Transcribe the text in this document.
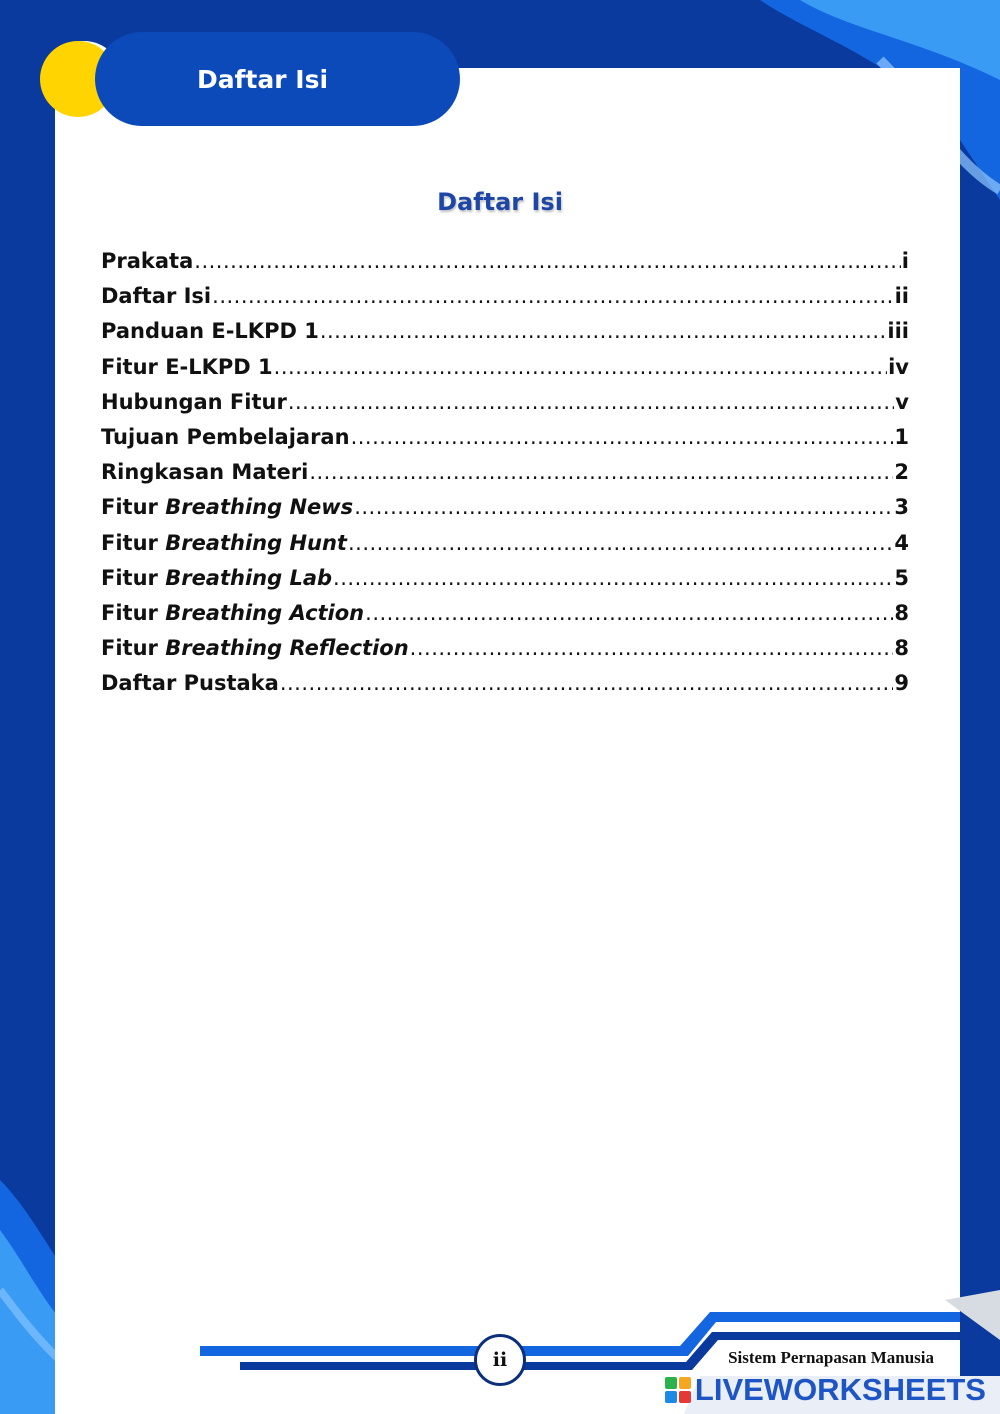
Daftar Isi
Daftar Isi
Prakata .....	i
Daftar Isi .....	ii
Panduan E-LKPD 1 .....	iii
Fitur E-LKPD 1 .....	iv
Hubungan Fitur .....	v
Tujuan Pembelajaran .....	1
Ringkasan Materi .....	2
Fitur Breathing News .....	3
Fitur Breathing Hunt .....	4
Fitur Breathing Lab .....	5
Fitur Breathing Action .....	8
Fitur Breathing Reflection .....	8
Daftar Pustaka .....	9
ii	Sistem Pernapasan Manusia
LIVEWORKSHEETS
